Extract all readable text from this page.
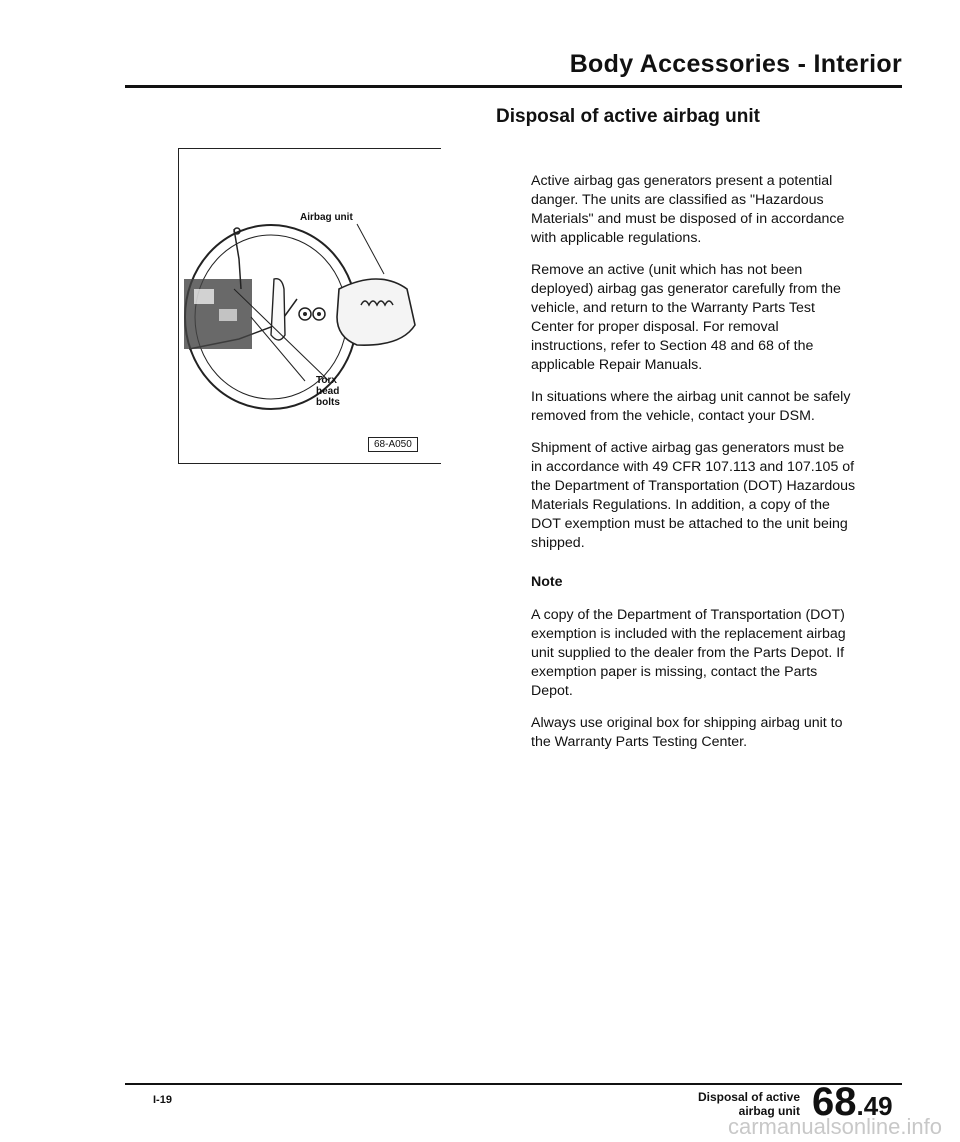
Body Accessories - Interior
Disposal of active airbag unit
Airbag unit
Torx
head
bolts
68-A050

Active airbag gas generators present a potential danger. The units are classified as "Hazardous Materials" and must be disposed of in accordance with applicable regulations.

Remove an active (unit which has not been deployed) airbag gas generator carefully from the vehicle, and return to the Warranty Parts Test Center for proper disposal. For removal instructions, refer to Section 48 and 68 of the applicable Repair Manuals.

In situations where the airbag unit cannot be safely removed from the vehicle, contact your DSM.

Shipment of active airbag gas generators must be in accordance with 49 CFR 107.113 and 107.105 of the Department of Transportation (DOT) Hazardous Materials Regulations. In addition, a copy of the DOT exemption must be attached to the unit being shipped.

Note

A copy of the Department of Transportation (DOT) exemption is included with the replacement airbag unit supplied to the dealer from the Parts Depot. If exemption paper is missing, contact the Parts Depot.

Always use original box for shipping airbag unit to the Warranty Parts Testing Center.

I-19	Disposal of active
airbag unit 68.49
carmanualsonline.info
